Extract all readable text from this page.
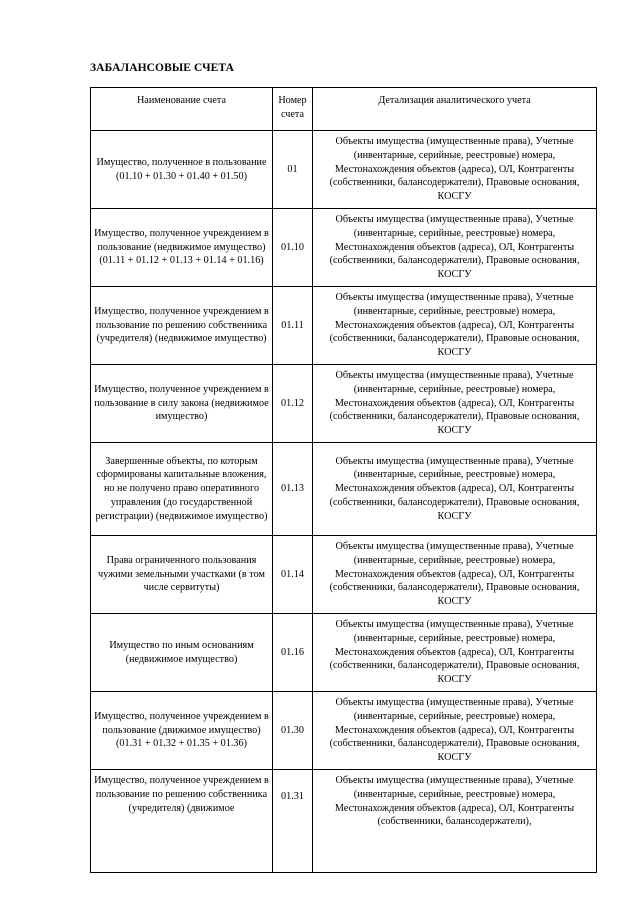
ЗАБАЛАНСОВЫЕ СЧЕТА
Наименование счета	Номер счета	Детализация аналитического учета
Имущество, полученное в пользование (01.10 + 01.30 + 01.40 + 01.50)	01	Объекты имущества (имущественные права), Учетные (инвентарные, серийные, реестровые) номера, Местонахождения объектов (адреса), ОЛ, Контрагенты (собственники, балансодержатели), Правовые основания, КОСГУ
Имущество, полученное учреждением в пользование (недвижимое имущество) (01.11 + 01.12 + 01.13 + 01.14 + 01.16)	01.10	Объекты имущества (имущественные права), Учетные (инвентарные, серийные, реестровые) номера, Местонахождения объектов (адреса), ОЛ, Контрагенты (собственники, балансодержатели), Правовые основания, КОСГУ
Имущество, полученное учреждением в пользование по решению собственника (учредителя) (недвижимое имущество)	01.11	Объекты имущества (имущественные права), Учетные (инвентарные, серийные, реестровые) номера, Местонахождения объектов (адреса), ОЛ, Контрагенты (собственники, балансодержатели), Правовые основания, КОСГУ
Имущество, полученное учреждением в пользование в силу закона (недвижимое имущество)	01.12	Объекты имущества (имущественные права), Учетные (инвентарные, серийные, реестровые) номера, Местонахождения объектов (адреса), ОЛ, Контрагенты (собственники, балансодержатели), Правовые основания, КОСГУ
Завершенные объекты, по которым сформированы капитальные вложения, но не получено право оперативного управления (до государственной регистрации) (недвижимое имущество)	01.13	Объекты имущества (имущественные права), Учетные (инвентарные, серийные, реестровые) номера, Местонахождения объектов (адреса), ОЛ, Контрагенты (собственники, балансодержатели), Правовые основания, КОСГУ
Права ограниченного пользования чужими земельными участками (в том числе сервитуты)	01.14	Объекты имущества (имущественные права), Учетные (инвентарные, серийные, реестровые) номера, Местонахождения объектов (адреса), ОЛ, Контрагенты (собственники, балансодержатели), Правовые основания, КОСГУ
Имущество по иным основаниям (недвижимое имущество)	01.16	Объекты имущества (имущественные права), Учетные (инвентарные, серийные, реестровые) номера, Местонахождения объектов (адреса), ОЛ, Контрагенты (собственники, балансодержатели), Правовые основания, КОСГУ
Имущество, полученное учреждением в пользование (движимое имущество) (01.31 + 01.32 + 01.35 + 01.36)	01.30	Объекты имущества (имущественные права), Учетные (инвентарные, серийные, реестровые) номера, Местонахождения объектов (адреса), ОЛ, Контрагенты (собственники, балансодержатели), Правовые основания, КОСГУ
Имущество, полученное учреждением в пользование по решению собственника (учредителя) (движимое	01.31	Объекты имущества (имущественные права), Учетные (инвентарные, серийные, реестровые) номера, Местонахождения объектов (адреса), ОЛ, Контрагенты (собственники, балансодержатели),
